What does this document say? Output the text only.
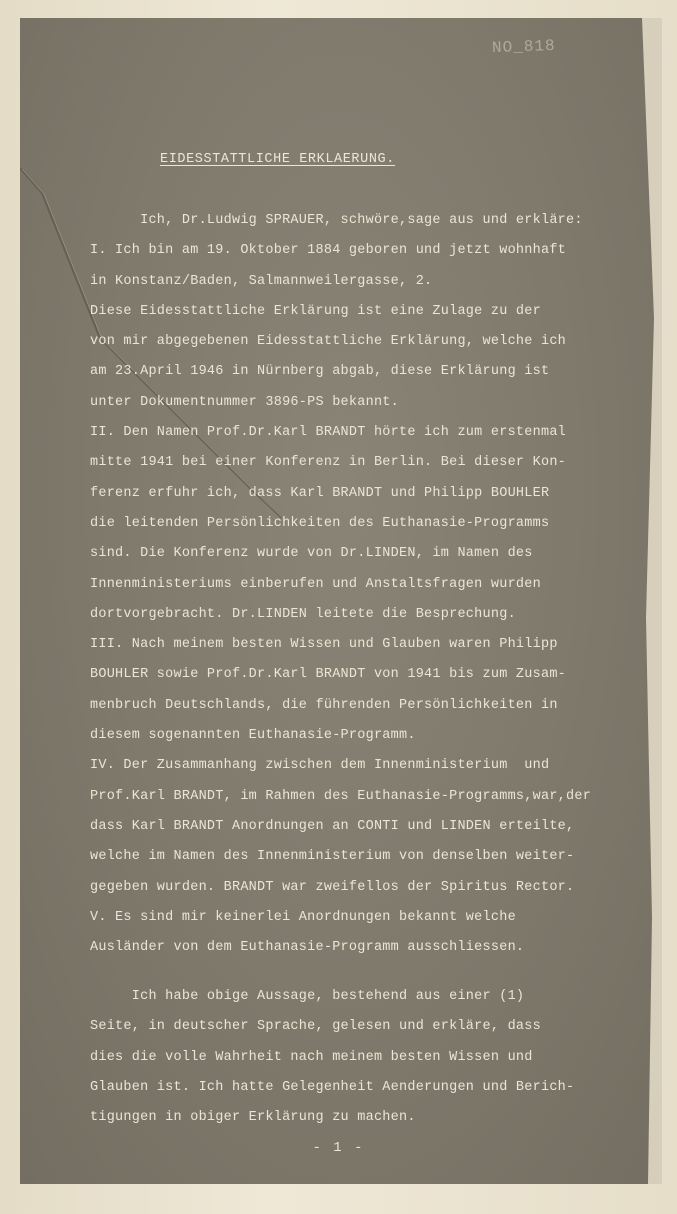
NO_818
EIDESSTATTLICHE ERKLAERUNG.
Ich, Dr.Ludwig SPRAUER, schwöre,sage aus und erkläre:
I. Ich bin am 19. Oktober 1884 geboren und jetzt wohnhaft
in Konstanz/Baden, Salmannweilergasse, 2.
Diese Eidesstattliche Erklärung ist eine Zulage zu der
von mir abgegebenen Eidesstattliche Erklärung, welche ich
am 23.April 1946 in Nürnberg abgab, diese Erklärung ist
unter Dokumentnummer 3896-PS bekannt.
II. Den Namen Prof.Dr.Karl BRANDT hörte ich zum erstenmal
mitte 1941 bei einer Konferenz in Berlin. Bei dieser Kon-
ferenz erfuhr ich, dass Karl BRANDT und Philipp BOUHLER
die leitenden Persönlichkeiten des Euthanasie-Programms
sind. Die Konferenz wurde von Dr.LINDEN, im Namen des
Innenministeriums einberufen und Anstaltsfragen wurden
dortvorgebracht. Dr.LINDEN leitete die Besprechung.
III. Nach meinem besten Wissen und Glauben waren Philipp
BOUHLER sowie Prof.Dr.Karl BRANDT von 1941 bis zum Zusam-
menbruch Deutschlands, die führenden Persönlichkeiten in
diesem sogenannten Euthanasie-Programm.
IV. Der Zusammanhang zwischen dem Innenministerium  und
Prof.Karl BRANDT, im Rahmen des Euthanasie-Programms,war,der
dass Karl BRANDT Anordnungen an CONTI und LINDEN erteilte,
welche im Namen des Innenministerium von denselben weiter-
gegeben wurden. BRANDT war zweifellos der Spiritus Rector.
V. Es sind mir keinerlei Anordnungen bekannt welche
Ausländer von dem Euthanasie-Programm ausschliessen.
Ich habe obige Aussage, bestehend aus einer (1)
Seite, in deutscher Sprache, gelesen und erkläre, dass
dies die volle Wahrheit nach meinem besten Wissen und
Glauben ist. Ich hatte Gelegenheit Aenderungen und Berich-
tigungen in obiger Erklärung zu machen.
- 1 -
